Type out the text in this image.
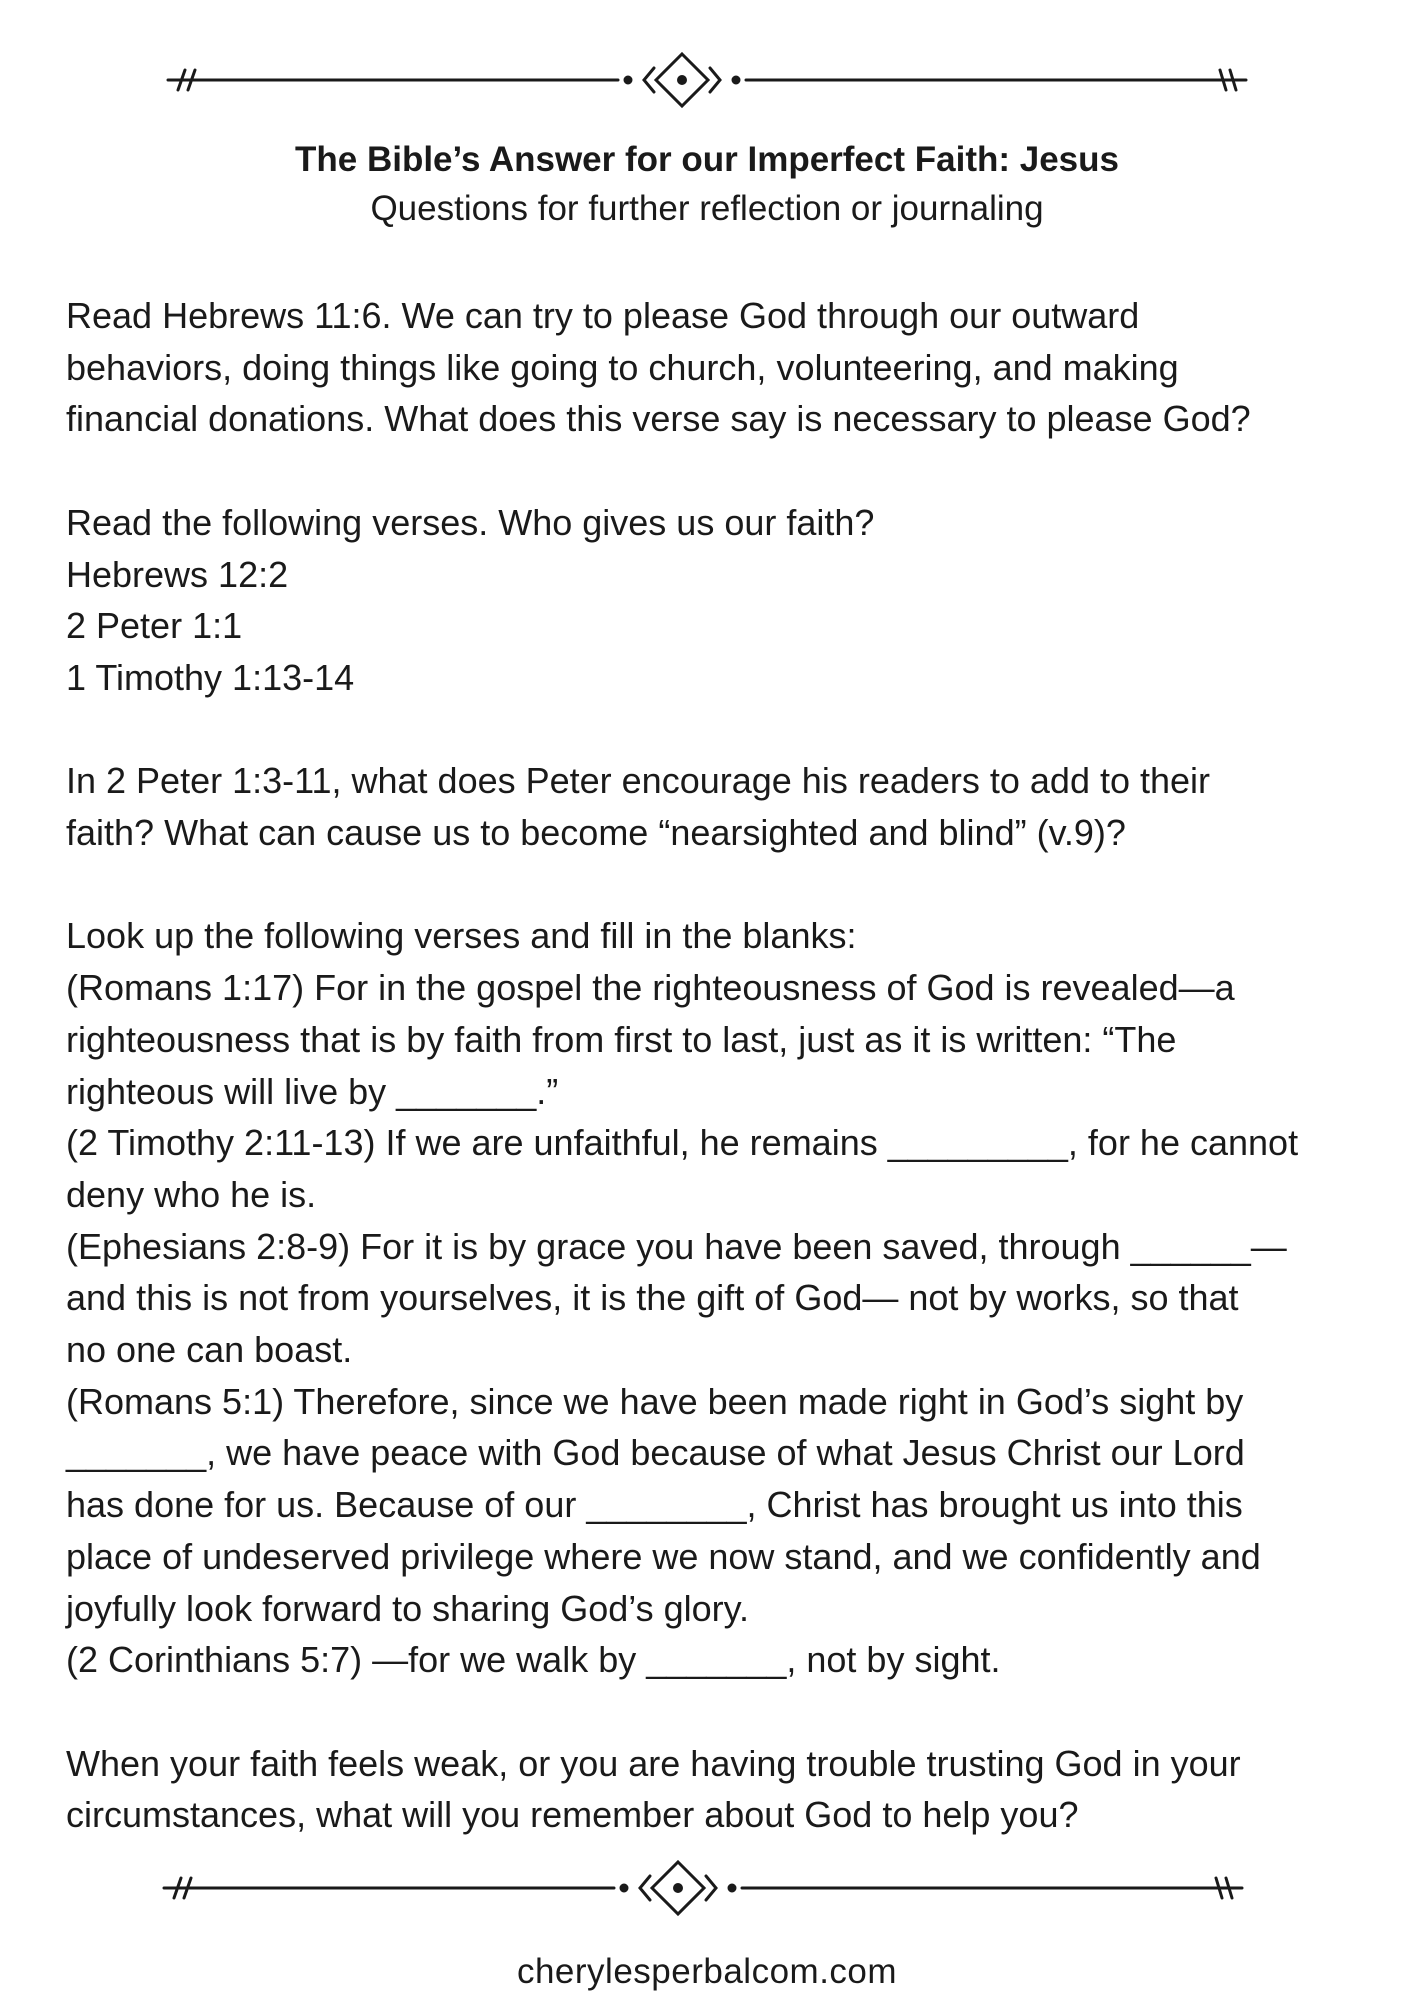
The Bible’s Answer for our Imperfect Faith: Jesus
Questions for further reflection or journaling

Read Hebrews 11:6. We can try to please God through our outward
behaviors, doing things like going to church, volunteering, and making
financial donations. What does this verse say is necessary to please God?

Read the following verses. Who gives us our faith?
Hebrews 12:2
2 Peter 1:1
1 Timothy 1:13-14

In 2 Peter 1:3-11, what does Peter encourage his readers to add to their
faith? What can cause us to become “nearsighted and blind” (v.9)?

Look up the following verses and fill in the blanks:
(Romans 1:17) For in the gospel the righteousness of God is revealed—a
righteousness that is by faith from first to last, just as it is written: “The
righteous will live by _______.”
(2 Timothy 2:11-13) If we are unfaithful, he remains _________, for he cannot
deny who he is.
(Ephesians 2:8-9) For it is by grace you have been saved, through ______—
and this is not from yourselves, it is the gift of God— not by works, so that
no one can boast.
(Romans 5:1) Therefore, since we have been made right in God’s sight by
_______, we have peace with God because of what Jesus Christ our Lord
has done for us. Because of our ________, Christ has brought us into this
place of undeserved privilege where we now stand, and we confidently and
joyfully look forward to sharing God’s glory.
(2 Corinthians 5:7) —for we walk by _______, not by sight.

When your faith feels weak, or you are having trouble trusting God in your
circumstances, what will you remember about God to help you?

cherylesperbalcom.com
